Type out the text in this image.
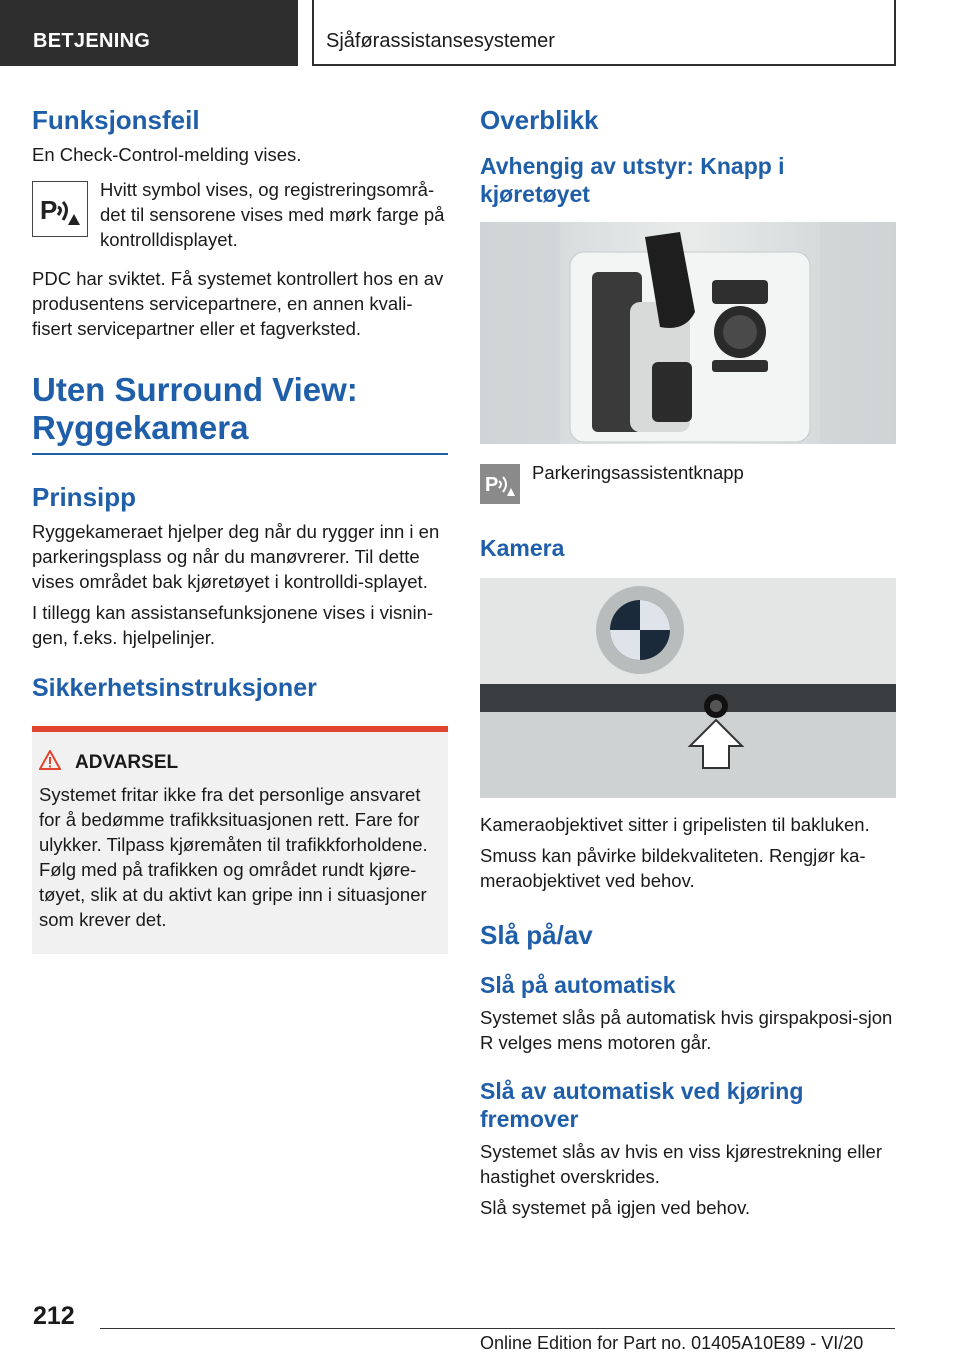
BETJENING	Sjåførassistansesystemer
Funksjonsfeil

En Check-Control-melding vises.

P

Hvitt symbol vises, og registreringsområ-det til sensorene vises med mørk farge på kontrolldisplayet.

PDC har sviktet. Få systemet kontrollert hos en av produsentens servicepartnere, en annen kvali-fisert servicepartner eller et fagverksted.

Uten Surround View:
Ryggekamera
Prinsipp

Ryggekameraet hjelper deg når du rygger inn i en parkeringsplass og når du manøvrerer. Til dette vises området bak kjøretøyet i kontrolldi-splayet.

I tillegg kan assistansefunksjonene vises i visnin-gen, f.eks. hjelpelinjer.

Sikkerhetsinstruksjoner
ADVARSEL

Systemet fritar ikke fra det personlige ansvaret for å bedømme trafikksituasjonen rett. Fare for ulykker. Tilpass kjøremåten til trafikkforholdene. Følg med på trafikken og området rundt kjøre-tøyet, slik at du aktivt kan gripe inn i situasjoner som krever det.

Overblikk
Avhengig av utstyr: Knapp i kjøretøyet
P

Parkeringsassistentknapp

Kamera

Kameraobjektivet sitter i gripelisten til bakluken.

Smuss kan påvirke bildekvaliteten. Rengjør ka-meraobjektivet ved behov.

Slå på/av
Slå på automatisk

Systemet slås på automatisk hvis girspakposi-sjon R velges mens motoren går.

Slå av automatisk ved kjøring fremover

Systemet slås av hvis en viss kjørestrekning eller hastighet overskrides.

Slå systemet på igjen ved behov.

212
Online Edition for Part no. 01405A10E89 - VI/20
